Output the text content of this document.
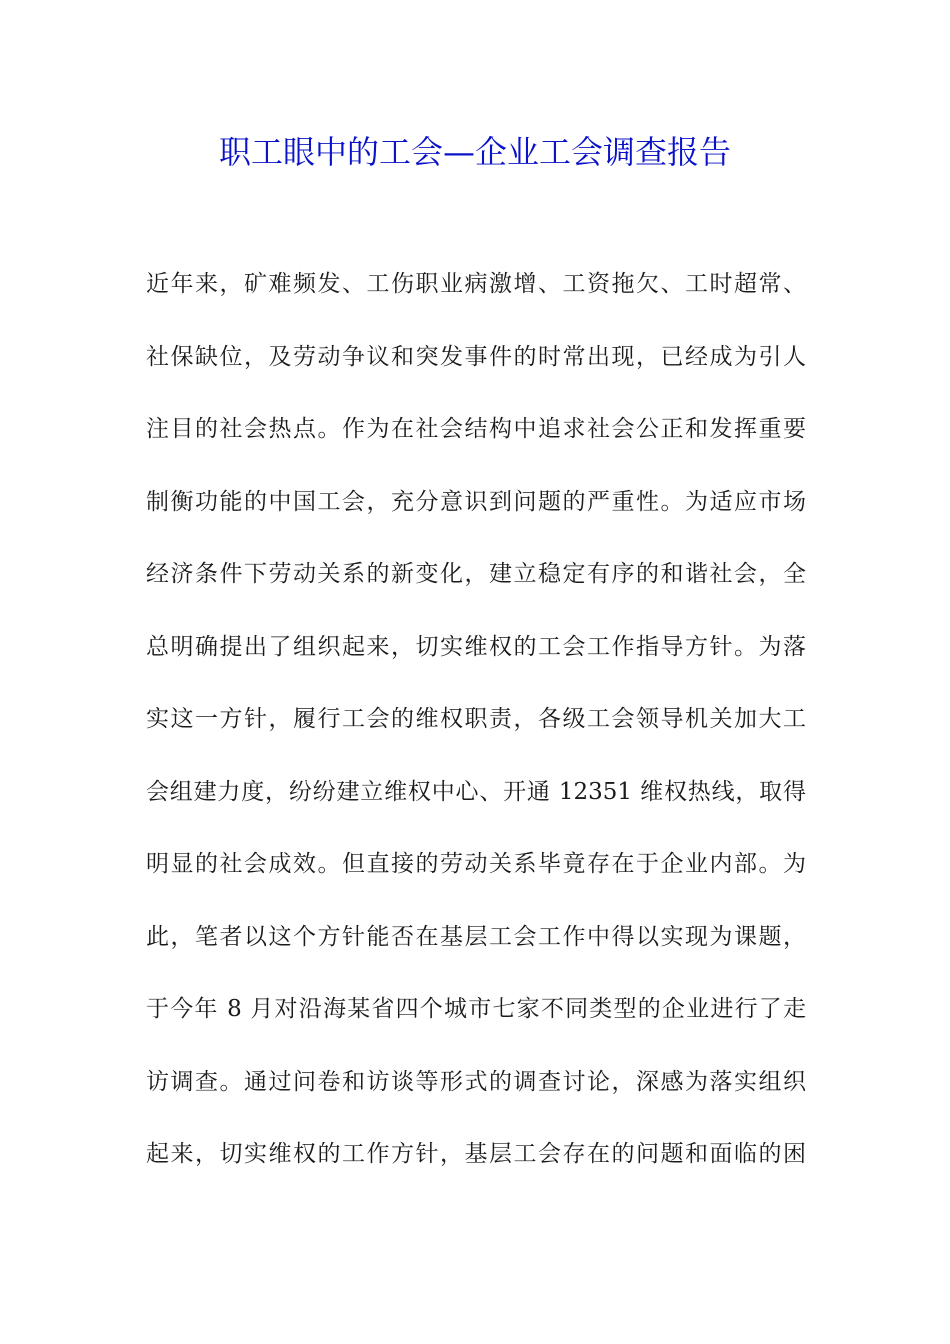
职工眼中的工会—企业工会调查报告
近年来，矿难频发、工伤职业病激增、工资拖欠、工时超常、
社保缺位，及劳动争议和突发事件的时常出现，已经成为引人
注目的社会热点。作为在社会结构中追求社会公正和发挥重要
制衡功能的中国工会，充分意识到问题的严重性。为适应市场
经济条件下劳动关系的新变化，建立稳定有序的和谐社会，全
总明确提出了组织起来，切实维权的工会工作指导方针。为落
实这一方针，履行工会的维权职责，各级工会领导机关加大工
会组建力度，纷纷建立维权中心、开通 12351 维权热线，取得
明显的社会成效。但直接的劳动关系毕竟存在于企业内部。为
此，笔者以这个方针能否在基层工会工作中得以实现为课题，
于今年 8 月对沿海某省四个城市七家不同类型的企业进行了走
访调查。通过问卷和访谈等形式的调查讨论，深感为落实组织
起来，切实维权的工作方针，基层工会存在的问题和面临的困
